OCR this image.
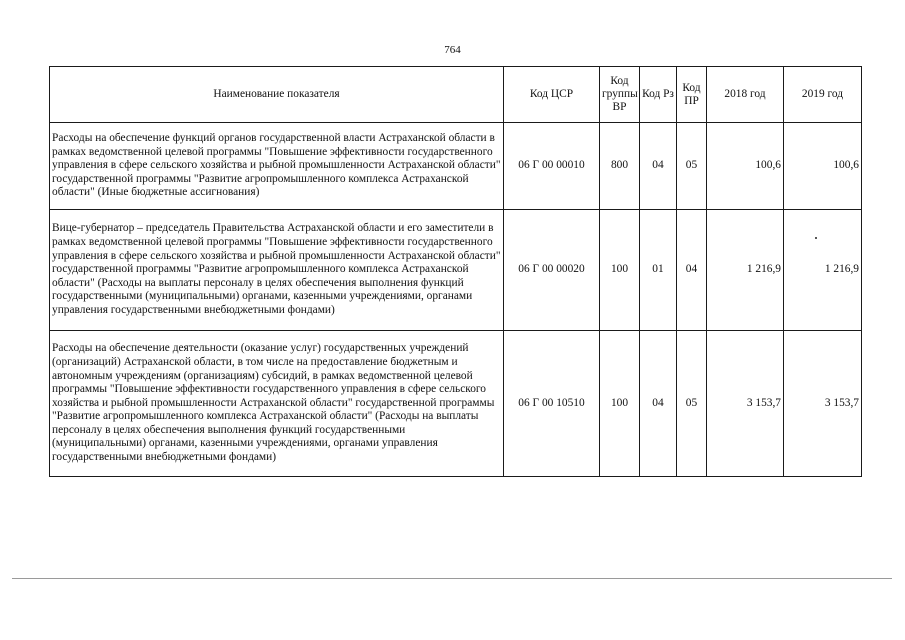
764
Наименование показателя	Код ЦСР	Код группы ВР	Код Рз	Код ПР	2018 год	2019 год
Расходы на обеспечение функций органов государственной власти Астраханской области в рамках ведомственной целевой программы "Повышение эффективности государственного управления в сфере сельского хозяйства и рыбной промышленности Астраханской области" государственной программы "Развитие агропромышленного комплекса Астраханской области" (Иные бюджетные ассигнования)	06 Г 00 00010	800	04	05	100,6	100,6
Вице-губернатор – председатель Правительства Астраханской области и его заместители в рамках ведомственной целевой программы "Повышение эффективности государственного управления в сфере сельского хозяйства и рыбной промышленности Астраханской области" государственной программы "Развитие агропромышленного комплекса Астраханской области" (Расходы на выплаты персоналу в целях обеспечения выполнения функций государственными (муниципальными) органами, казенными учреждениями, органами управления государственными внебюджетными фондами)	06 Г 00 00020	100	01	04	1 216,9	1 216,9
Расходы на обеспечение деятельности (оказание услуг) государственных учреждений (организаций) Астраханской области, в том числе на предоставление бюджетным и автономным учреждениям (организациям) субсидий, в рамках ведомственной целевой программы "Повышение эффективности государственного управления в сфере сельского хозяйства и рыбной промышленности Астраханской области" государственной программы "Развитие агропромышленного комплекса Астраханской области" (Расходы на выплаты персоналу в целях обеспечения выполнения функций государственными (муниципальными) органами, казенными учреждениями, органами управления государственными внебюджетными фондами)	06 Г 00 10510	100	04	05	3 153,7	3 153,7
